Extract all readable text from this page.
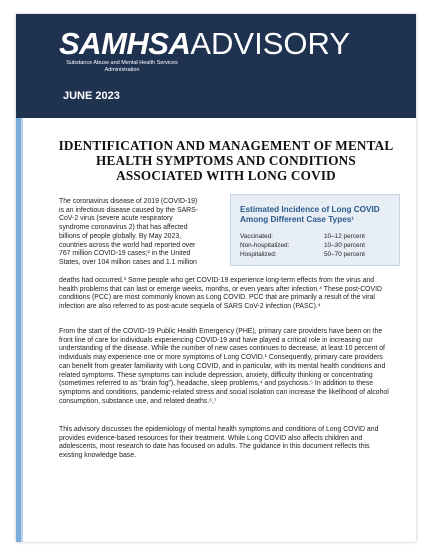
SAMHSAADVISORY
Substance Abuse and Mental Health Services Administration
JUNE 2023
IDENTIFICATION AND MANAGEMENT OF MENTAL HEALTH SYMPTOMS AND CONDITIONS ASSOCIATED WITH LONG COVID

Estimated Incidence of Long COVID Among Different Case Types¹

Vaccinated:	10–12 percent
Non-hospitalized:	10–30 percent
Hospitalized:	50–70 percent

The coronavirus disease of 2019 (COVID-19) is an infectious disease caused by the SARS-CoV-2 virus (severe acute respiratory syndrome coronavirus 2) that has affected billions of people globally. By May 2023, countries across the world had reported over 767 million COVID-19 cases;² in the United States, over 104 million cases and 1.1 million

deaths had occurred.³ Some people who get COVID-19 experience long-term effects from the virus and health problems that can last or emerge weeks, months, or even years after infection.⁴ These post-COVID conditions (PCC) are most commonly known as Long COVID. PCC that are primarily a result of the viral infection are also referred to as post-acute sequela of SARS CoV-2 infection (PASC).⁴

From the start of the COVID-19 Public Health Emergency (PHE), primary care providers have been on the front line of care for individuals experiencing COVID-19 and have played a critical role in increasing our understanding of the disease. While the number of new cases continues to decrease, at least 10 percent of individuals may experience one or more symptoms of Long COVID.¹ Consequently, primary care providers can benefit from greater familiarity with Long COVID, and in particular, with its mental health conditions and related symptoms. These symptoms can include depression, anxiety, difficulty thinking or concentrating (sometimes referred to as “brain fog”), headache, sleep problems,⁴ and psychosis.⁵ In addition to these symptoms and conditions, pandemic-related stress and social isolation can increase the likelihood of alcohol consumption, substance use, and related deaths.⁶,⁷

This advisory discusses the epidemiology of mental health symptoms and conditions of Long COVID and provides evidence-based resources for their treatment. While Long COVID also affects children and adolescents, most research to date has focused on adults. The guidance in this document reflects this existing knowledge base.
